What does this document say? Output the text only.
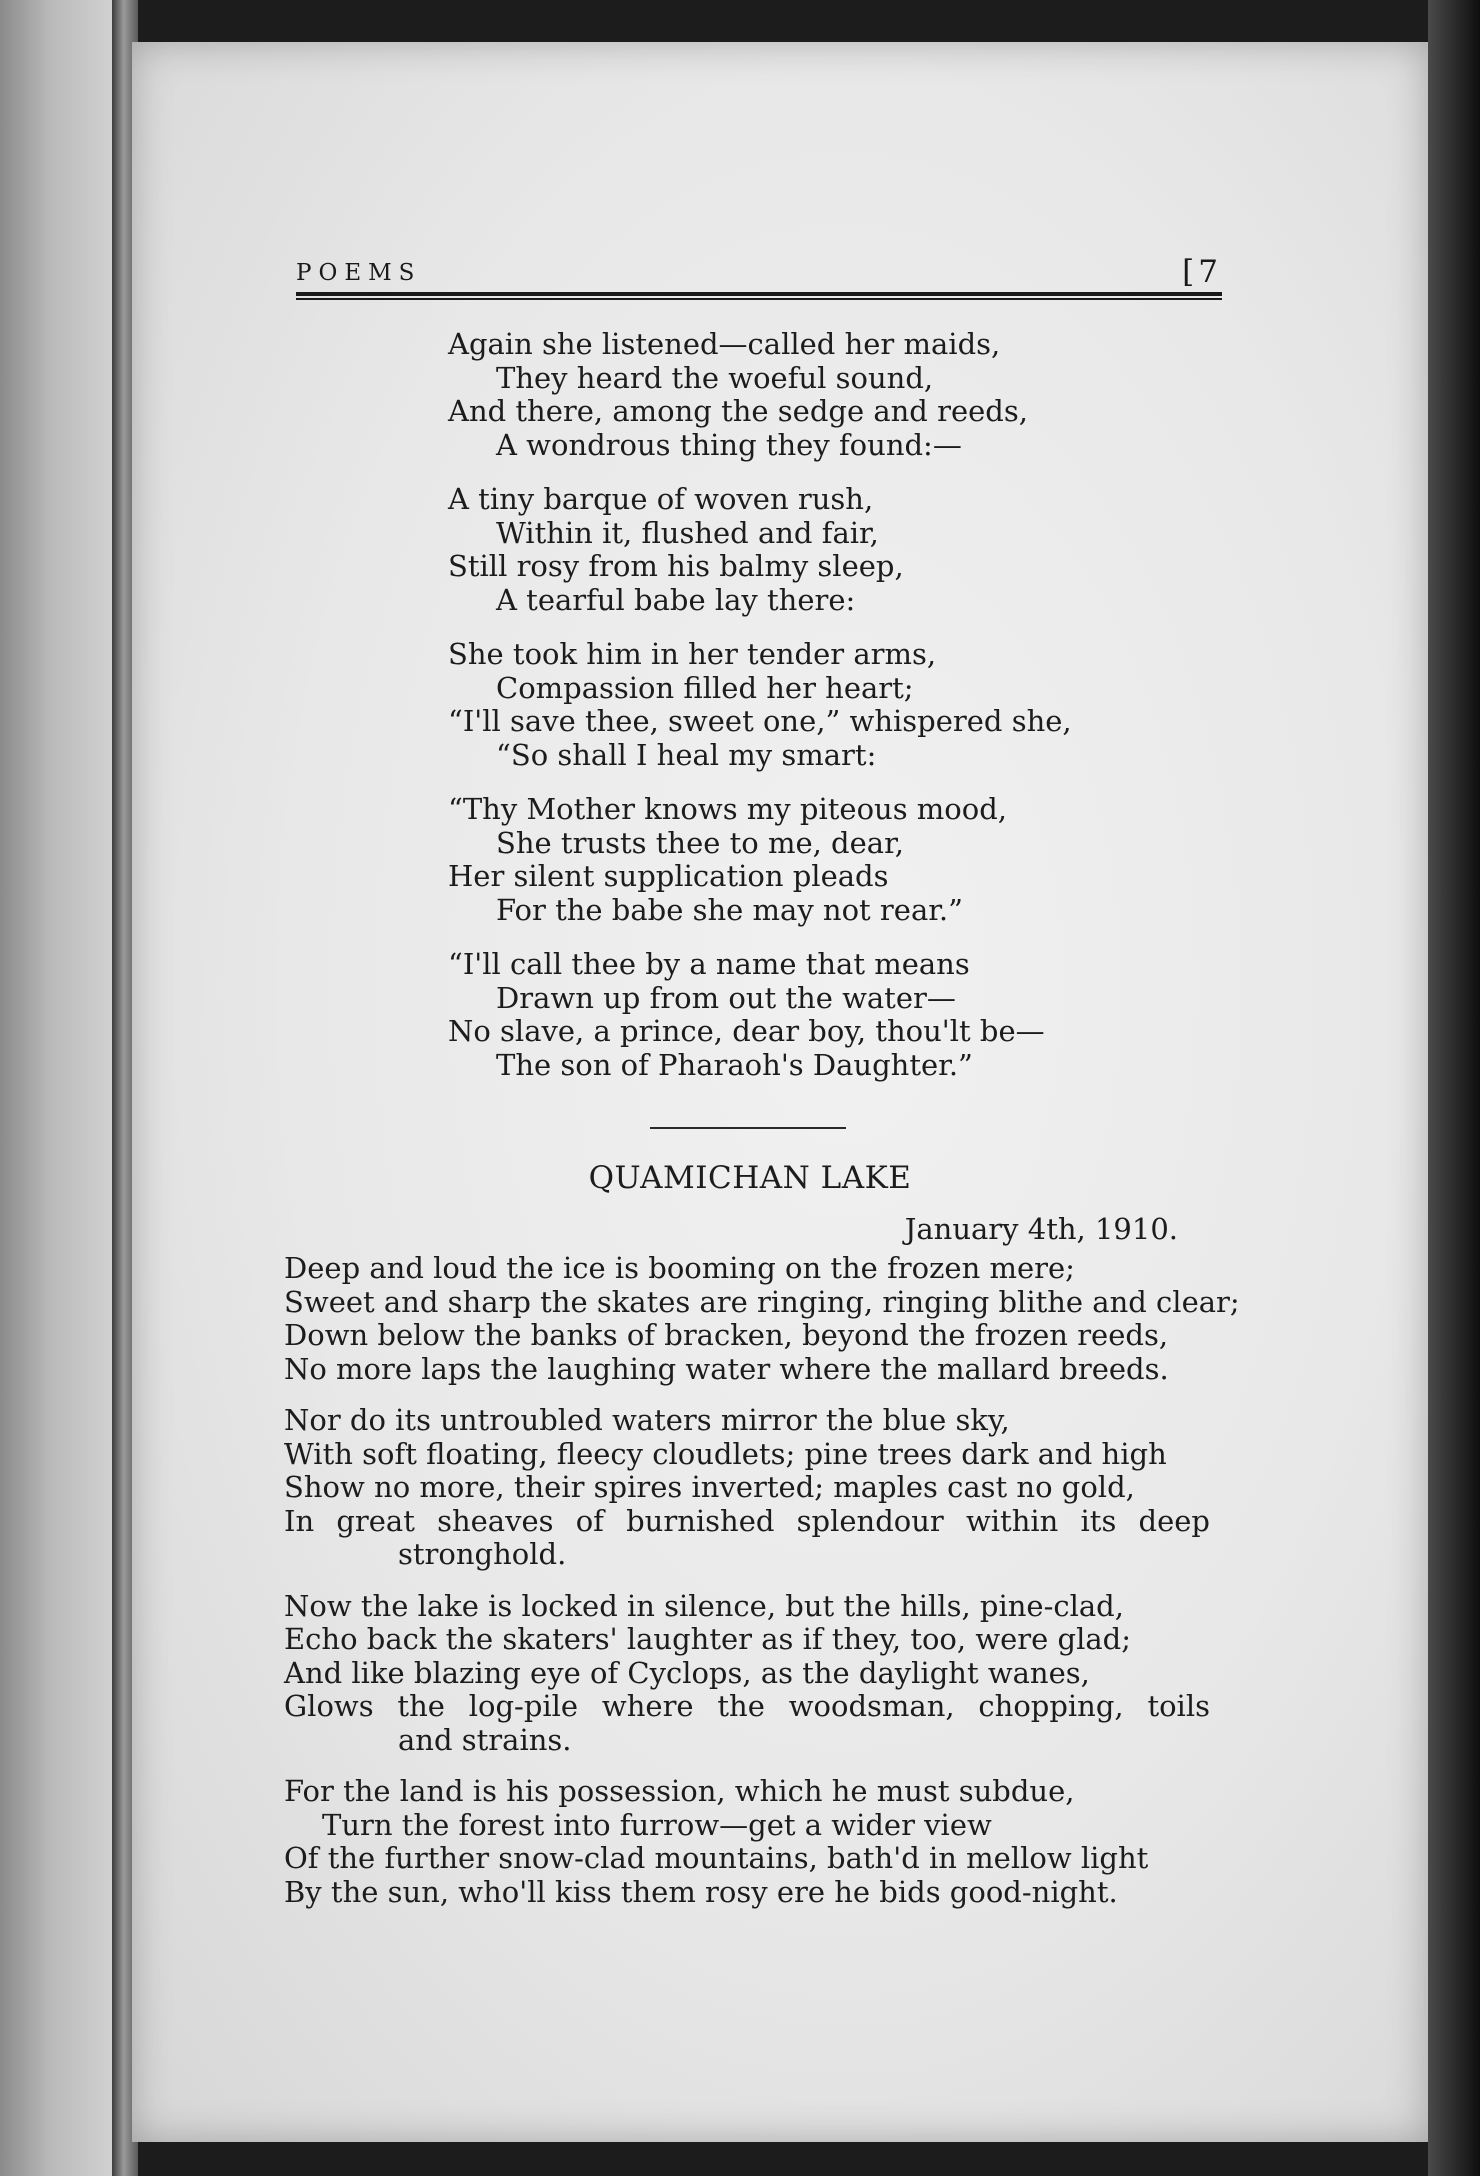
POEMS	[7
Again she listened—called her maids,
They heard the woeful sound,
And there, among the sedge and reeds,
A wondrous thing they found:—
A tiny barque of woven rush,
Within it, flushed and fair,
Still rosy from his balmy sleep,
A tearful babe lay there:
She took him in her tender arms,
Compassion filled her heart;
“I'll save thee, sweet one,” whispered she,
“So shall I heal my smart:
“Thy Mother knows my piteous mood,
She trusts thee to me, dear,
Her silent supplication pleads
For the babe she may not rear.”
“I'll call thee by a name that means
Drawn up from out the water—
No slave, a prince, dear boy, thou'lt be—
The son of Pharaoh's Daughter.”
QUAMICHAN LAKE
January 4th, 1910.
Deep and loud the ice is booming on the frozen mere;
Sweet and sharp the skates are ringing, ringing blithe and clear;
Down below the banks of bracken, beyond the frozen reeds,
No more laps the laughing water where the mallard breeds.
Nor do its untroubled waters mirror the blue sky,
With soft floating, fleecy cloudlets; pine trees dark and high
Show no more, their spires inverted; maples cast no gold,
In great sheaves of burnished splendour within its deep
stronghold.
Now the lake is locked in silence, but the hills, pine-clad,
Echo back the skaters' laughter as if they, too, were glad;
And like blazing eye of Cyclops, as the daylight wanes,
Glows the log-pile where the woodsman, chopping, toils
and strains.
For the land is his possession, which he must subdue,
Turn the forest into furrow—get a wider view
Of the further snow-clad mountains, bath'd in mellow light
By the sun, who'll kiss them rosy ere he bids good-night.
